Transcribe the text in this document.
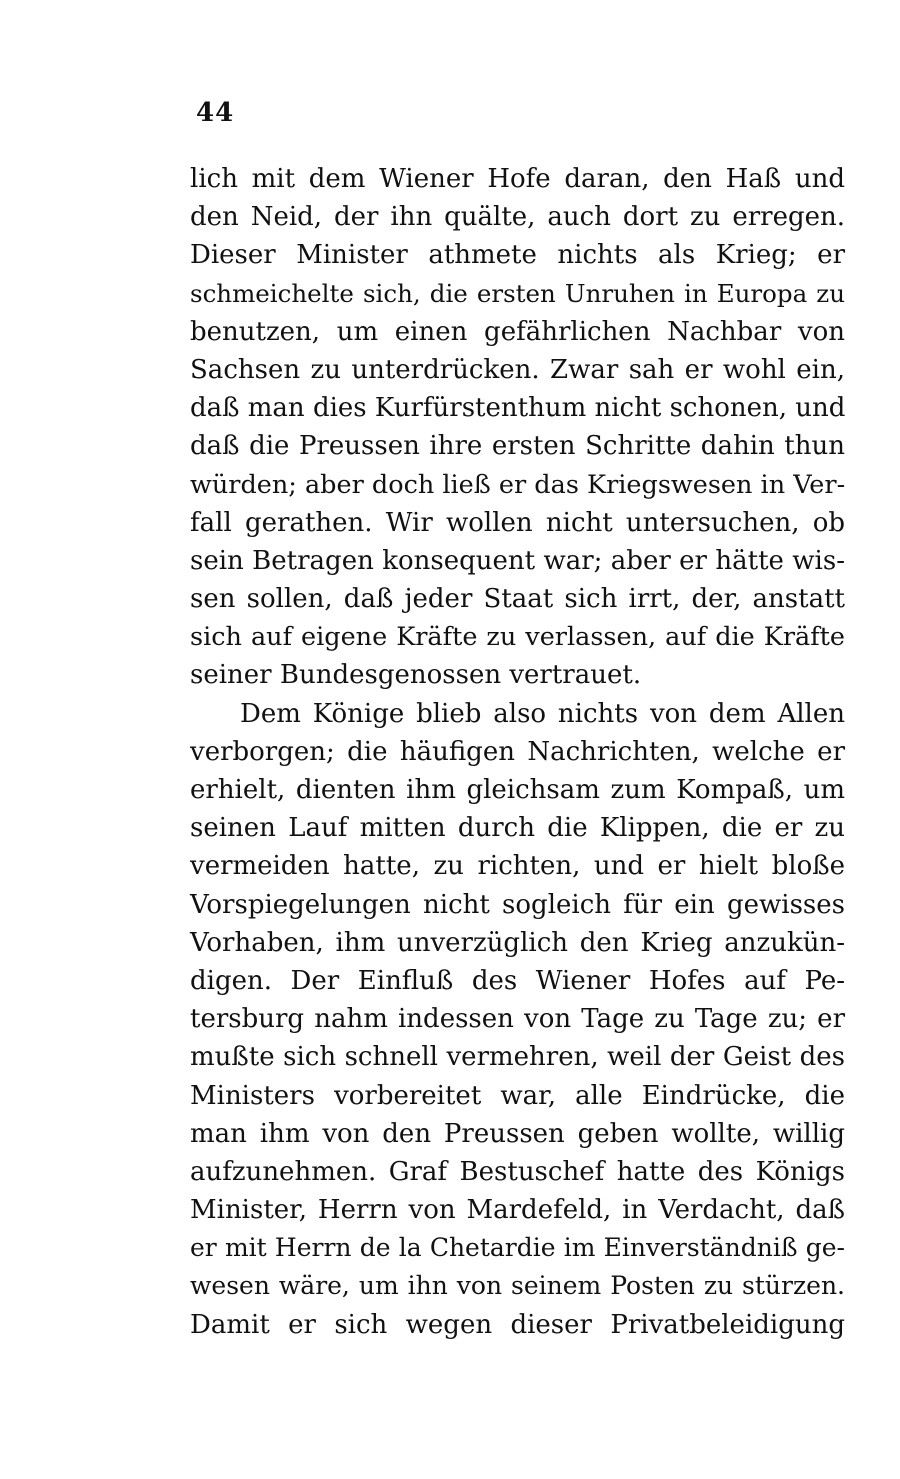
44
lich mit dem Wiener Hofe daran, den Haß und
den Neid, der ihn quälte, auch dort zu erregen.
Dieser Minister athmete nichts als Krieg; er
schmeichelte sich, die ersten Unruhen in Europa zu
benutzen, um einen gefährlichen Nachbar von
Sachsen zu unterdrücken. Zwar sah er wohl ein,
daß man dies Kurfürstenthum nicht schonen, und
daß die Preussen ihre ersten Schritte dahin thun
würden; aber doch ließ er das Kriegswesen in Ver-
fall gerathen. Wir wollen nicht untersuchen, ob
sein Betragen konsequent war; aber er hätte wis-
sen sollen, daß jeder Staat sich irrt, der, anstatt
sich auf eigene Kräfte zu verlassen, auf die Kräfte
seiner Bundesgenossen vertrauet.
Dem Könige blieb also nichts von dem Allen
verborgen; die häufigen Nachrichten, welche er
erhielt, dienten ihm gleichsam zum Kompaß, um
seinen Lauf mitten durch die Klippen, die er zu
vermeiden hatte, zu richten, und er hielt bloße
Vorspiegelungen nicht sogleich für ein gewisses
Vorhaben, ihm unverzüglich den Krieg anzukün-
digen. Der Einfluß des Wiener Hofes auf Pe-
tersburg nahm indessen von Tage zu Tage zu; er
mußte sich schnell vermehren, weil der Geist des
Ministers vorbereitet war, alle Eindrücke, die
man ihm von den Preussen geben wollte, willig
aufzunehmen. Graf Bestuschef hatte des Königs
Minister, Herrn von Mardefeld, in Verdacht, daß
er mit Herrn de la Chetardie im Einverständniß ge-
wesen wäre, um ihn von seinem Posten zu stürzen.
Damit er sich wegen dieser Privatbeleidigung
